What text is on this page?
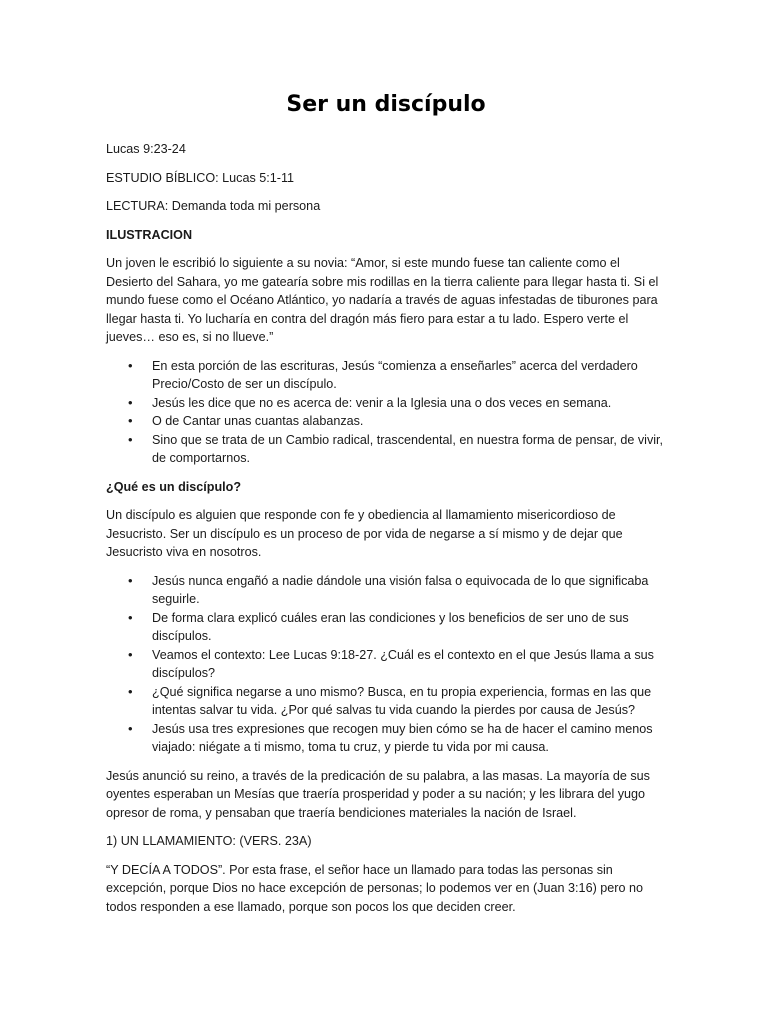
Ser un discípulo

Lucas 9:23-24

ESTUDIO BÍBLICO: Lucas 5:1-11

LECTURA: Demanda toda mi persona

ILUSTRACION

Un joven le escribió lo siguiente a su novia: “Amor, si este mundo fuese tan caliente como el Desierto del Sahara, yo me gatearía sobre mis rodillas en la tierra caliente para llegar hasta ti. Si el mundo fuese como el Océano Atlántico, yo nadaría a través de aguas infestadas de tiburones para llegar hasta ti. Yo lucharía en contra del dragón más fiero para estar a tu lado. Espero verte el jueves… eso es, si no llueve.”

• En esta porción de las escrituras, Jesús “comienza a enseñarles” acerca del verdadero Precio/Costo de ser un discípulo.
• Jesús les dice que no es acerca de: venir a la Iglesia una o dos veces en semana.
• O de Cantar unas cuantas alabanzas.
• Sino que se trata de un Cambio radical, trascendental, en nuestra forma de pensar, de vivir, de comportarnos.

¿Qué es un discípulo?

Un discípulo es alguien que responde con fe y obediencia al llamamiento misericordioso de Jesucristo. Ser un discípulo es un proceso de por vida de negarse a sí mismo y de dejar que Jesucristo viva en nosotros.

• Jesús nunca engañó a nadie dándole una visión falsa o equivocada de lo que significaba seguirle.
• De forma clara explicó cuáles eran las condiciones y los beneficios de ser uno de sus discípulos.
• Veamos el contexto: Lee Lucas 9:18-27. ¿Cuál es el contexto en el que Jesús llama a sus discípulos?
• ¿Qué significa negarse a uno mismo? Busca, en tu propia experiencia, formas en las que intentas salvar tu vida. ¿Por qué salvas tu vida cuando la pierdes por causa de Jesús?
• Jesús usa tres expresiones que recogen muy bien cómo se ha de hacer el camino menos viajado: niégate a ti mismo, toma tu cruz, y pierde tu vida por mi causa.

Jesús anunció su reino, a través de la predicación de su palabra, a las masas. La mayoría de sus oyentes esperaban un Mesías que traería prosperidad y poder a su nación; y les librara del yugo opresor de roma, y pensaban que traería bendiciones materiales la nación de Israel.

1) UN LLAMAMIENTO: (VERS. 23A)

“Y DECÍA A TODOS”. Por esta frase, el señor hace un llamado para todas las personas sin excepción, porque Dios no hace excepción de personas; lo podemos ver en (Juan 3:16) pero no todos responden a ese llamado, porque son pocos los que deciden creer.
